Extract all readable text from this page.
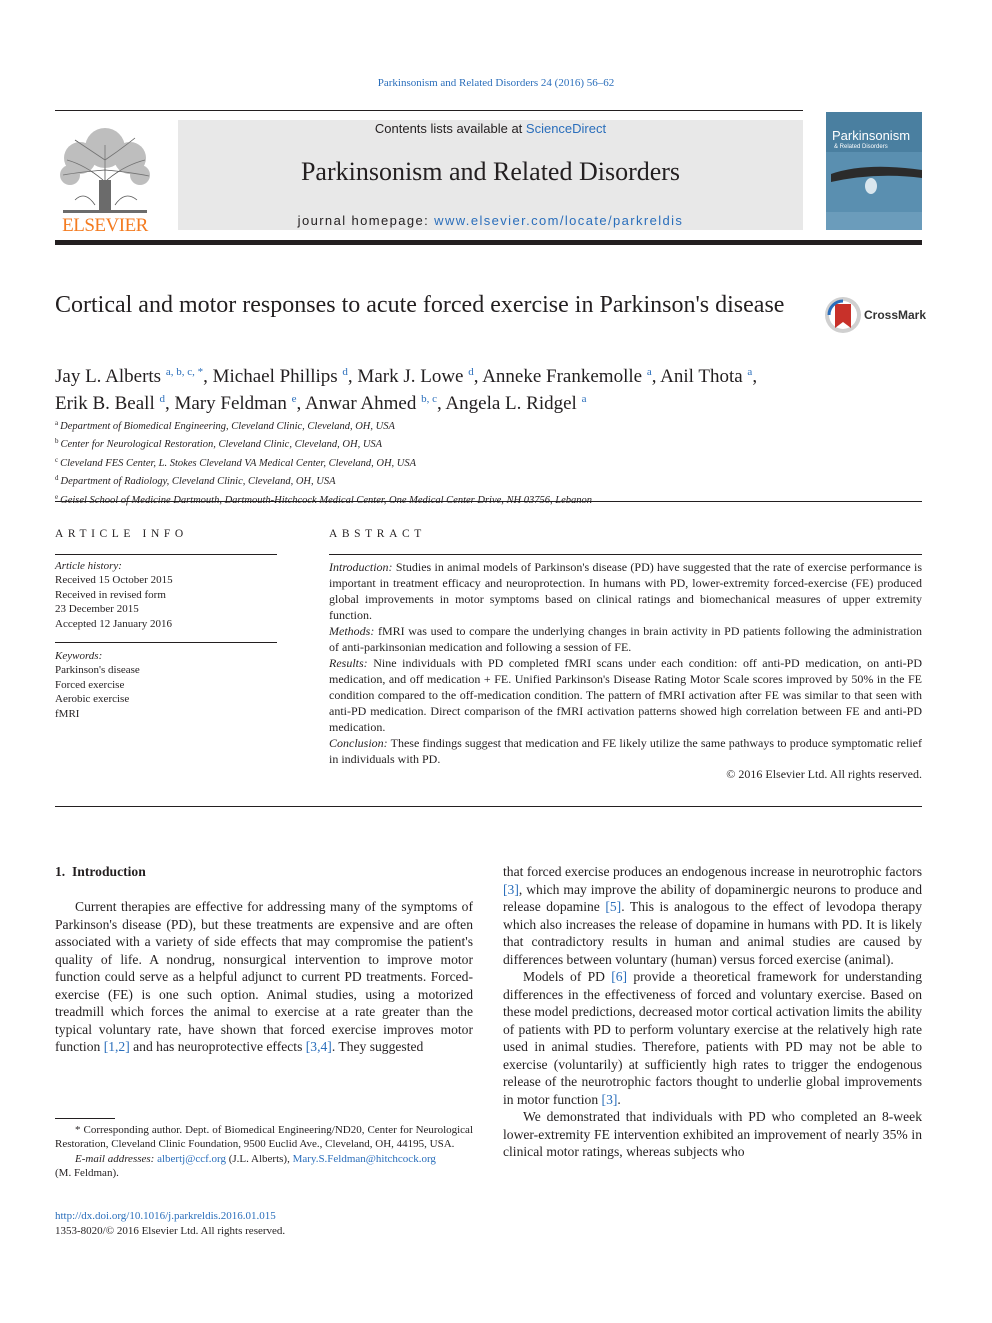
Parkinsonism and Related Disorders 24 (2016) 56–62
ELSEVIER
Contents lists available at ScienceDirect
Parkinsonism and Related Disorders
journal homepage: www.elsevier.com/locate/parkreldis
Parkinsonism
& Related Disorders
Cortical and motor responses to acute forced exercise in Parkinson's disease	CrossMark
Jay L. Alberts $^{a, b, c, *}$, Michael Phillips $^d$, Mark J. Lowe $^d$, Anneke Frankemolle $^a$, Anil Thota $^a$,
Erik B. Beall $^d$, Mary Feldman $^e$, Anwar Ahmed $^{b, c}$, Angela L. Ridgel $^a$
$^a$ Department of Biomedical Engineering, Cleveland Clinic, Cleveland, OH, USA
$^b$ Center for Neurological Restoration, Cleveland Clinic, Cleveland, OH, USA
$^c$ Cleveland FES Center, L. Stokes Cleveland VA Medical Center, Cleveland, OH, USA
$^d$ Department of Radiology, Cleveland Clinic, Cleveland, OH, USA
$^e$
ARTICLE INFO	ABSTRACT
Article history:
Received 15 October 2015
Received in revised form
23 December 2015
Accepted 12 January 2016
Keywords:
Parkinson's disease
Forced exercise
Aerobic exercise
fMRI

Introduction: Studies in animal models of Parkinson's disease (PD) have suggested that the rate of exercise performance is important in treatment efficacy and neuroprotection. In humans with PD, lower-extremity forced-exercise (FE) produced global improvements in motor symptoms based on clinical ratings and biomechanical measures of upper extremity function.

Methods: fMRI was used to compare the underlying changes in brain activity in PD patients following the administration of anti-parkinsonian medication and following a session of FE.

Results: Nine individuals with PD completed fMRI scans under each condition: off anti-PD medication, on anti-PD medication, and off medication + FE. Unified Parkinson's Disease Rating Motor Scale scores improved by 50% in the FE condition compared to the off-medication condition. The pattern of fMRI activation after FE was similar to that seen with anti-PD medication. Direct comparison of the fMRI activation patterns showed high correlation between FE and anti-PD medication.

Conclusion: These findings suggest that medication and FE likely utilize the same pathways to produce symptomatic relief in individuals with PD.

© 2016 Elsevier Ltd. All rights reserved.
1. Introduction

Current therapies are effective for addressing many of the symptoms of Parkinson's disease (PD), but these treatments are expensive and are often associated with a variety of side effects that may compromise the patient's quality of life. A nondrug, nonsurgical intervention to improve motor function could serve as a helpful adjunct to current PD treatments. Forced-exercise (FE) is one such option. Animal studies, using a motorized treadmill which forces the animal to exercise at a rate greater than the typical voluntary rate, have shown that forced exercise improves motor function [1,2] and has neuroprotective effects [3,4]. They suggested

that forced exercise produces an endogenous increase in neurotrophic factors [3], which may improve the ability of dopaminergic neurons to produce and release dopamine [5]. This is analogous to the effect of levodopa therapy which also increases the release of dopamine in humans with PD. It is likely that contradictory results in human and animal studies are caused by differences between voluntary (human) versus forced exercise (animal).

Models of PD [6] provide a theoretical framework for understanding differences in the effectiveness of forced and voluntary exercise. Based on these model predictions, decreased motor cortical activation limits the ability of patients with PD to perform voluntary exercise at the relatively high rate used in animal studies. Therefore, patients with PD may not be able to exercise (voluntarily) at sufficiently high rates to trigger the endogenous release of the neurotrophic factors thought to underlie global improvements in motor function [3].

We demonstrated that individuals with PD who completed an 8-week lower-extremity FE intervention exhibited an improvement of nearly 35% in clinical motor ratings, whereas subjects who

* Corresponding author. Dept. of Biomedical Engineering/ND20, Center for Neurological Restoration, Cleveland Clinic Foundation, 9500 Euclid Ave., Cleveland, OH, 44195, USA.

E-mail addresses: albertj@ccf.org (J.L. Alberts), Mary.S.Feldman@hitchcock.org

(M. Feldman).

http://dx.doi.org/10.1016/j.parkreldis.2016.01.015
1353-8020/© 2016 Elsevier Ltd. All rights reserved.
